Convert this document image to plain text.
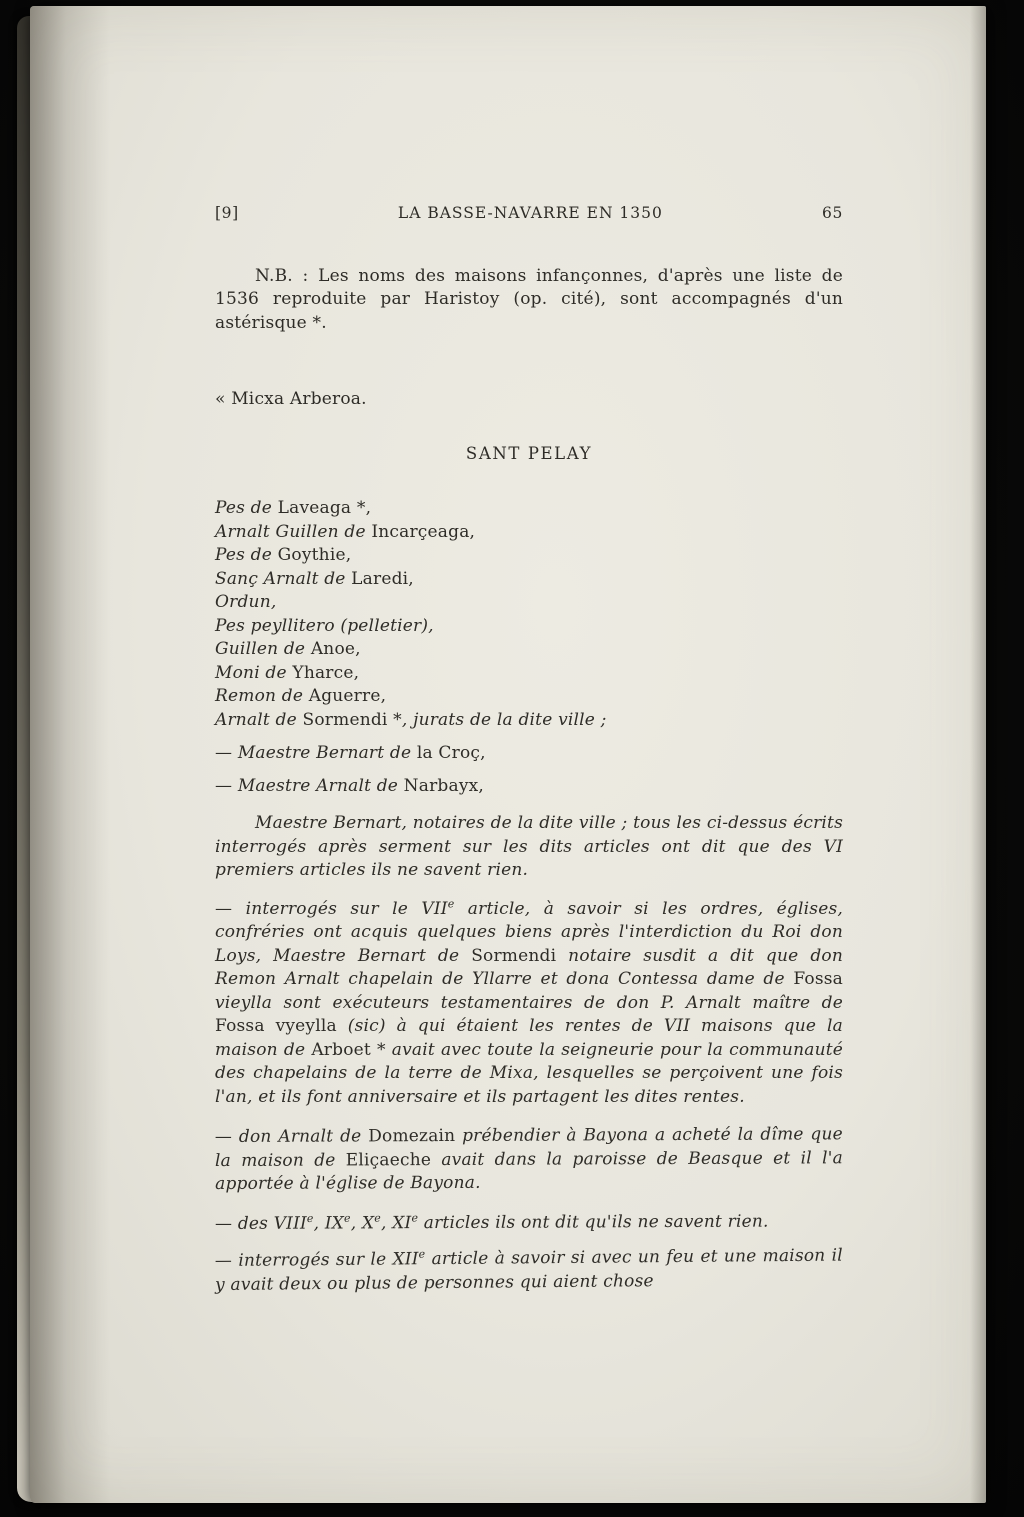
[9]	LA BASSE-NAVARRE EN 1350	65

N.B. : Les noms des maisons infançonnes, d'après une liste de 1536 reproduite par Haristoy (op. cité), sont accompagnés d'un astérisque *.

« Micxa Arberoa.

SANT PELAY
Pes de Laveaga *,
Arnalt Guillen de Incarçeaga,
Pes de Goythie,
Sanç Arnalt de Laredi,
Ordun,
Pes peyllitero (pelletier),
Guillen de Anoe,
Moni de Yharce,
Remon de Aguerre,
Arnalt de Sormendi *, jurats de la dite ville ;
— Maestre Bernart de la Croç,
— Maestre Arnalt de Narbayx,

Maestre Bernart, notaires de la dite ville ; tous les ci-dessus écrits interrogés après serment sur les dits articles ont dit que des VI premiers articles ils ne savent rien.

— interrogés sur le VIIe article, à savoir si les ordres, églises, confréries ont acquis quelques biens après l'interdiction du Roi don Loys, Maestre Bernart de Sormendi notaire susdit a dit que don Remon Arnalt chapelain de Yllarre et dona Contessa dame de Fossa vieylla sont exécuteurs testamentaires de don P. Arnalt maître de Fossa vyeylla (sic) à qui étaient les rentes de VII maisons que la maison de Arboet * avait avec toute la seigneurie pour la communauté des chapelains de la terre de Mixa, lesquelles se perçoivent une fois l'an, et ils font anniversaire et ils partagent les dites rentes.

— don Arnalt de Domezain prébendier à Bayona a acheté la dîme que la maison de Eliçaeche avait dans la paroisse de Beasque et il l'a apportée à l'église de Bayona.

— des VIIIe, IXe, Xe, XIe articles ils ont dit qu'ils ne savent rien.

— interrogés sur le XIIe article à savoir si avec un feu et une maison il y avait deux ou plus de personnes qui aient chose
